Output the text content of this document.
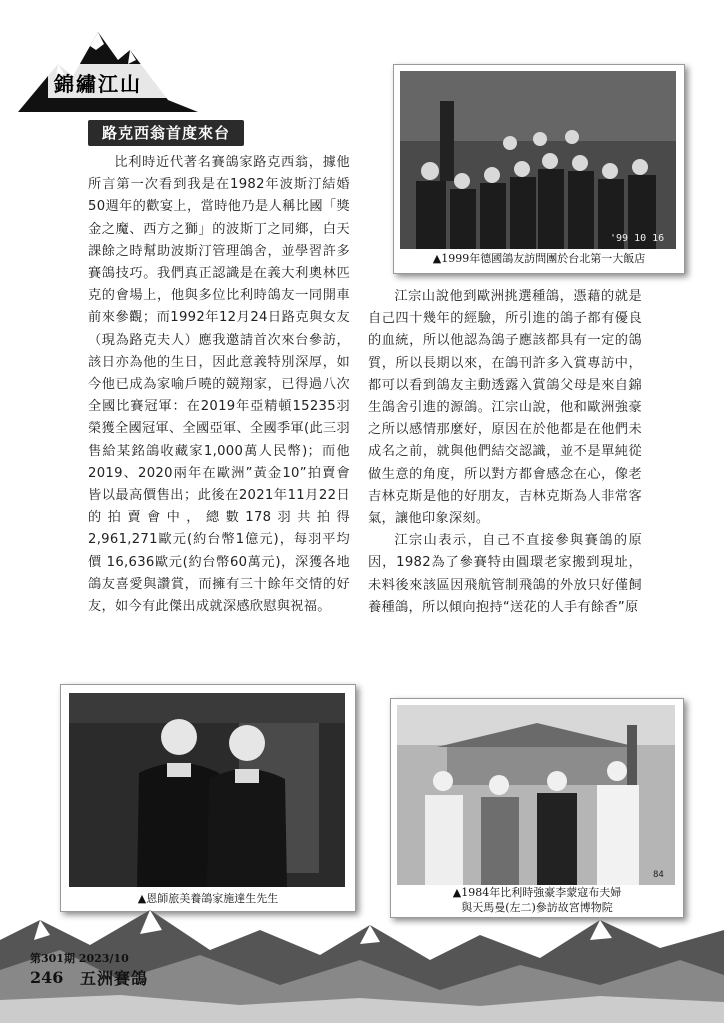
錦繡江山
路克西翁首度來台

比利時近代著名賽鴿家路克西翁，據他所言第一次看到我是在1982年波斯汀結婚50週年的歡宴上，當時他乃是人稱比國「獎金之魔、西方之獅」的波斯丁之同鄉，白天課餘之時幫助波斯汀管理鴿舍，並學習許多賽鴿技巧。我們真正認識是在義大利奧林匹克的會場上，他與多位比利時鴿友一同開車前來參觀；而1992年12月24日路克與女友（現為路克夫人）應我邀請首次來台參訪，該日亦為他的生日，因此意義特別深厚，如今他已成為家喻戶曉的競翔家，已得過八次全國比賽冠軍：在2019年亞精頓15235羽榮獲全國冠軍、全國亞軍、全國季軍(此三羽售給某銘鴿收藏家1,000萬人民幣)；而他2019、2020兩年在歐洲”黃金10”拍賣會皆以最高價售出；此後在2021年11月22日的拍賣會中，總數178羽共拍得 2,961,271歐元(約台幣1億元)，每羽平均價 16,636歐元(約台幣60萬元)，深獲各地鴿友喜愛與讚賞，而擁有三十餘年交情的好友，如今有此傑出成就深感欣慰與祝福。

江宗山說他到歐洲挑選種鴿，憑藉的就是自己四十幾年的經驗，所引進的鴿子都有優良的血統，所以他認為鴿子應該都具有一定的鴿質，所以長期以來，在鴿刊許多入賞專訪中，都可以看到鴿友主動透露入賞鴿父母是來自錦生鴿舍引進的源鴿。江宗山說，他和歐洲強豪之所以感情那麼好，原因在於他都是在他們未成名之前，就與他們結交認識，並不是單純從做生意的角度，所以對方都會感念在心，像老吉林克斯是他的好朋友，吉林克斯為人非常客氣，讓他印象深刻。

江宗山表示，自己不直接參與賽鴿的原因，1982為了參賽特由圓環老家搬到現址，未料後來該區因飛航管制飛鴿的外放只好僅飼養種鴿，所以傾向抱持“送花的人手有餘香”原

'99 10 16
▲1999年德國鴿友訪問團於台北第一大飯店
▲恩師旅美養鴿家施達生先生
84
▲1984年比利時強豪李蒙寇布夫婦
與天馬曼(左二)參訪故宮博物院
第301期 2023/10
246 五洲賽鴿
